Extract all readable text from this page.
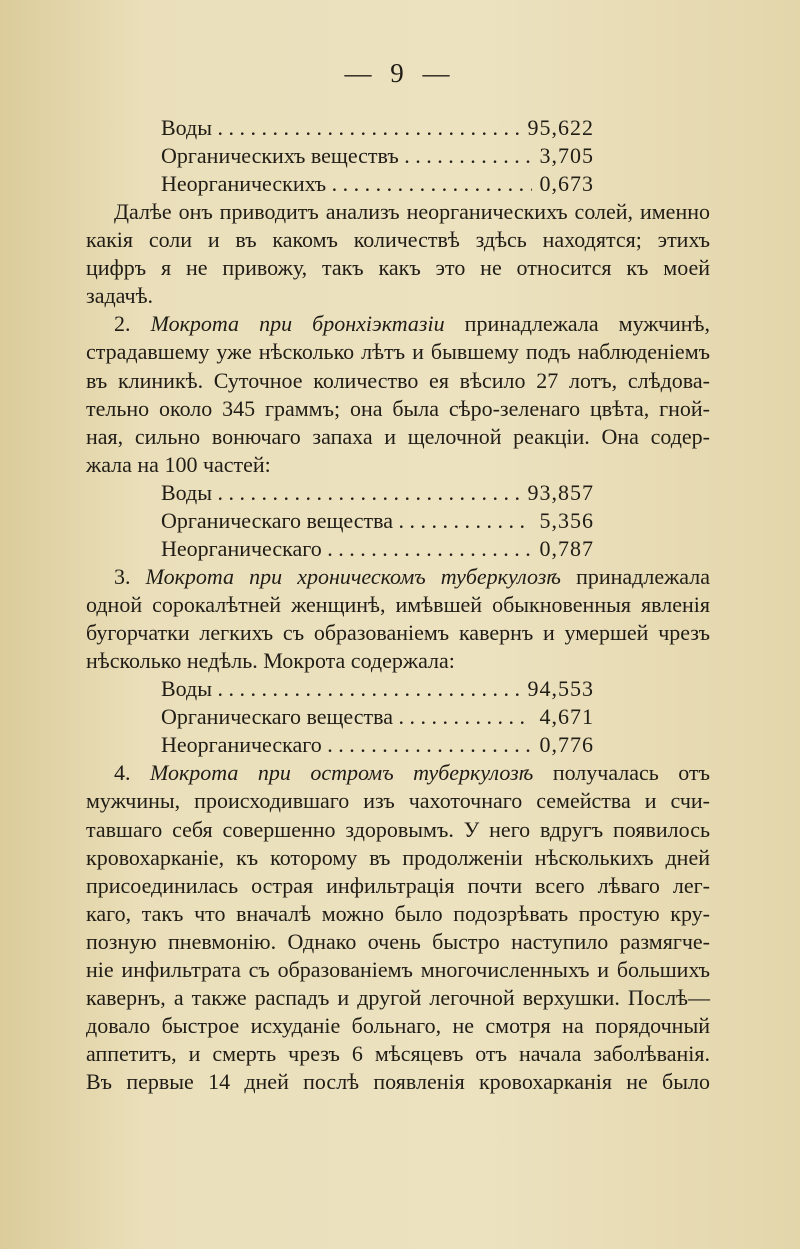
— 9 —
Воды . . .	95,622
Органическихъ веществъ . . .	3,705
Неорганическихъ . . .	0,673

Далѣе онъ приводитъ анализъ неорганическихъ солей, именно
какія соли и въ какомъ количествѣ здѣсь находятся; этихъ
цифръ я не привожу, такъ какъ это не относится къ моей
задачѣ.

2. Мокрота при бронхіэктазіи принадлежала мужчинѣ,
страдавшему уже нѣсколько лѣтъ и бывшему подъ наблюденіемъ
въ клиникѣ. Суточное количество ея вѣсило 27 лотъ, слѣдова-
тельно около 345 граммъ; она была сѣро-зеленаго цвѣта, гной-
ная, сильно вонючаго запаха и щелочной реакціи. Она содер-
жала на 100 частей:

Воды . . .	93,857
Органическаго вещества . . .	5,356
Неорганическаго . . .	0,787

3. Мокрота при хроническомъ туберкулозѣ принадлежала
одной сорокалѣтней женщинѣ, имѣвшей обыкновенныя явленія
бугорчатки легкихъ съ образованіемъ кавернъ и умершей чрезъ
нѣсколько недѣль. Мокрота содержала:

Воды . . .	94,553
Органическаго вещества . . .	4,671
Неорганическаго . . .	0,776

4. Мокрота при остромъ туберкулозѣ получалась отъ
мужчины, происходившаго изъ чахоточнаго семейства и счи-
тавшаго себя совершенно здоровымъ. У него вдругъ появилось
кровохарканіе, къ которому въ продолженіи нѣсколькихъ дней
присоединилась острая инфильтрація почти всего лѣваго лег-
каго, такъ что вначалѣ можно было подозрѣвать простую кру-
позную пневмонію. Однако очень быстро наступило размягче-
ніе инфильтрата съ образованіемъ многочисленныхъ и большихъ
кавернъ, а также распадъ и другой легочной верхушки. Послѣ—
довало быстрое исхуданіе больнаго, не смотря на порядочный
аппетитъ, и смерть чрезъ 6 мѣсяцевъ отъ начала заболѣванія.
Въ первые 14 дней послѣ появленія кровохарканія не было
